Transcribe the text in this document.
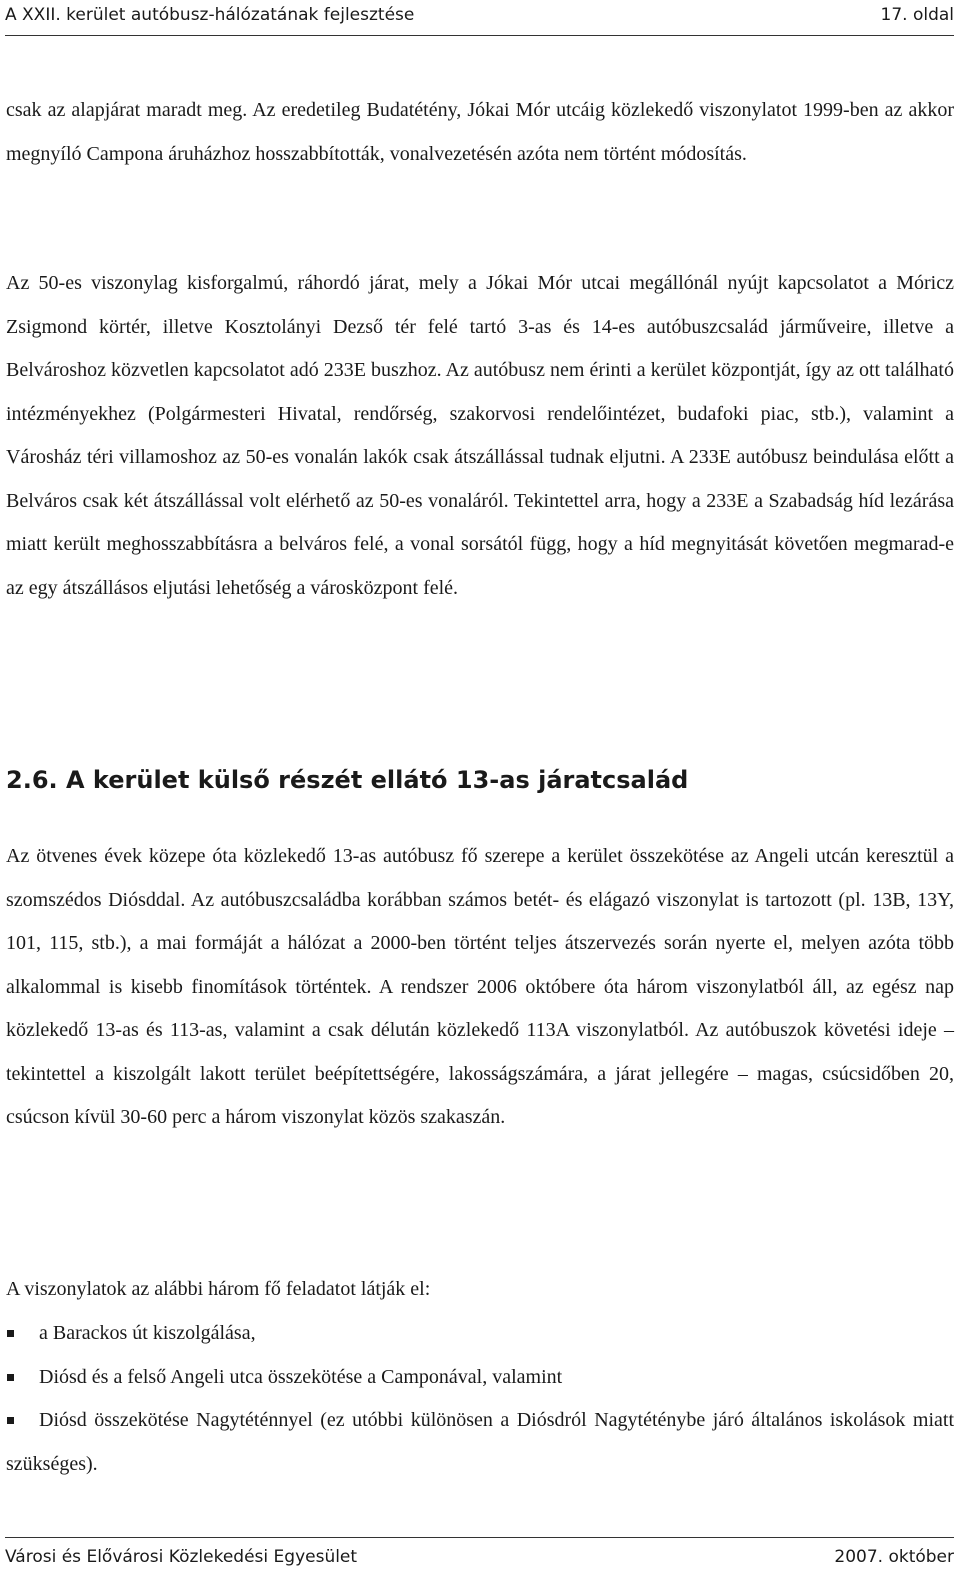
A XXII. kerület autóbusz-hálózatának fejlesztése	17. oldal

csak az alapjárat maradt meg. Az eredetileg Budatétény, Jókai Mór utcáig közlekedő viszonylatot 1999-ben az akkor megnyíló Campona áruházhoz hosszabbították, vonalvezetésén azóta nem történt módosítás.

Az 50-es viszonylag kisforgalmú, ráhordó járat, mely a Jókai Mór utcai megállónál nyújt kapcsolatot a Móricz Zsigmond körtér, illetve Kosztolányi Dezső tér felé tartó 3-as és 14-es autóbuszcsalád járműveire, illetve a Belvároshoz közvetlen kapcsolatot adó 233E buszhoz. Az autóbusz nem érinti a kerület központját, így az ott található intézményekhez (Polgármesteri Hivatal, rendőrség, szakorvosi rendelőintézet, budafoki piac, stb.), valamint a Városház téri villamoshoz az 50-es vonalán lakók csak átszállással tudnak eljutni. A 233E autóbusz beindulása előtt a Belváros csak két átszállással volt elérhető az 50-es vonaláról. Tekintettel arra, hogy a 233E a Szabadság híd lezárása miatt került meghosszabbításra a belváros felé, a vonal sorsától függ, hogy a híd megnyitását követően megmarad-e az egy átszállásos eljutási lehetőség a városközpont felé.

2.6. A kerület külső részét ellátó 13-as járatcsalád

Az ötvenes évek közepe óta közlekedő 13-as autóbusz fő szerepe a kerület összekötése az Angeli utcán keresztül a szomszédos Diósddal. Az autóbuszcsaládba korábban számos betét- és elágazó viszonylat is tartozott (pl. 13B, 13Y, 101, 115, stb.), a mai formáját a hálózat a 2000-ben történt teljes átszervezés során nyerte el, melyen azóta több alkalommal is kisebb finomítások történtek. A rendszer 2006 októbere óta három viszonylatból áll, az egész nap közlekedő 13-as és 113-as, valamint a csak délután közlekedő 113A viszonylatból. Az autóbuszok követési ideje – tekintettel a kiszolgált lakott terület beépítettségére, lakosságszámára, a járat jellegére – magas, csúcsidőben 20, csúcson kívül 30-60 perc a három viszonylat közös szakaszán.

A viszonylatok az alábbi három fő feladatot látják el:

a Barackos út kiszolgálása,
Diósd és a felső Angeli utca összekötése a Camponával, valamint
Diósd összekötése Nagytéténnyel (ez utóbbi különösen a Diósdról Nagytéténybe járó általános iskolások miatt szükséges).
Városi és Elővárosi Közlekedési Egyesület	2007. október
